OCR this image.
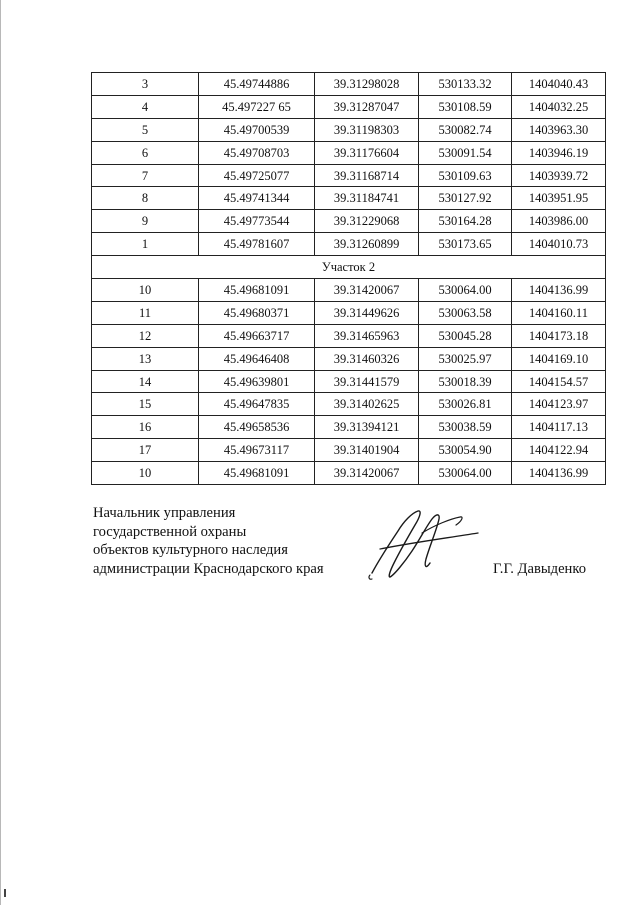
3	45.49744886	39.31298028	530133.32	1404040.43
4	45.497227 65	39.31287047	530108.59	1404032.25
5	45.49700539	39.31198303	530082.74	1403963.30
6	45.49708703	39.31176604	530091.54	1403946.19
7	45.49725077	39.31168714	530109.63	1403939.72
8	45.49741344	39.31184741	530127.92	1403951.95
9	45.49773544	39.31229068	530164.28	1403986.00
1	45.49781607	39.31260899	530173.65	1404010.73
Участок 2				
10	45.49681091	39.31420067	530064.00	1404136.99
11	45.49680371	39.31449626	530063.58	1404160.11
12	45.49663717	39.31465963	530045.28	1404173.18
13	45.49646408	39.31460326	530025.97	1404169.10
14	45.49639801	39.31441579	530018.39	1404154.57
15	45.49647835	39.31402625	530026.81	1404123.97
16	45.49658536	39.31394121	530038.59	1404117.13
17	45.49673117	39.31401904	530054.90	1404122.94
10	45.49681091	39.31420067	530064.00	1404136.99
Начальник управления
государственной охраны
объектов культурного наследия
администрации Краснодарского края	Г.Г. Давыденко
